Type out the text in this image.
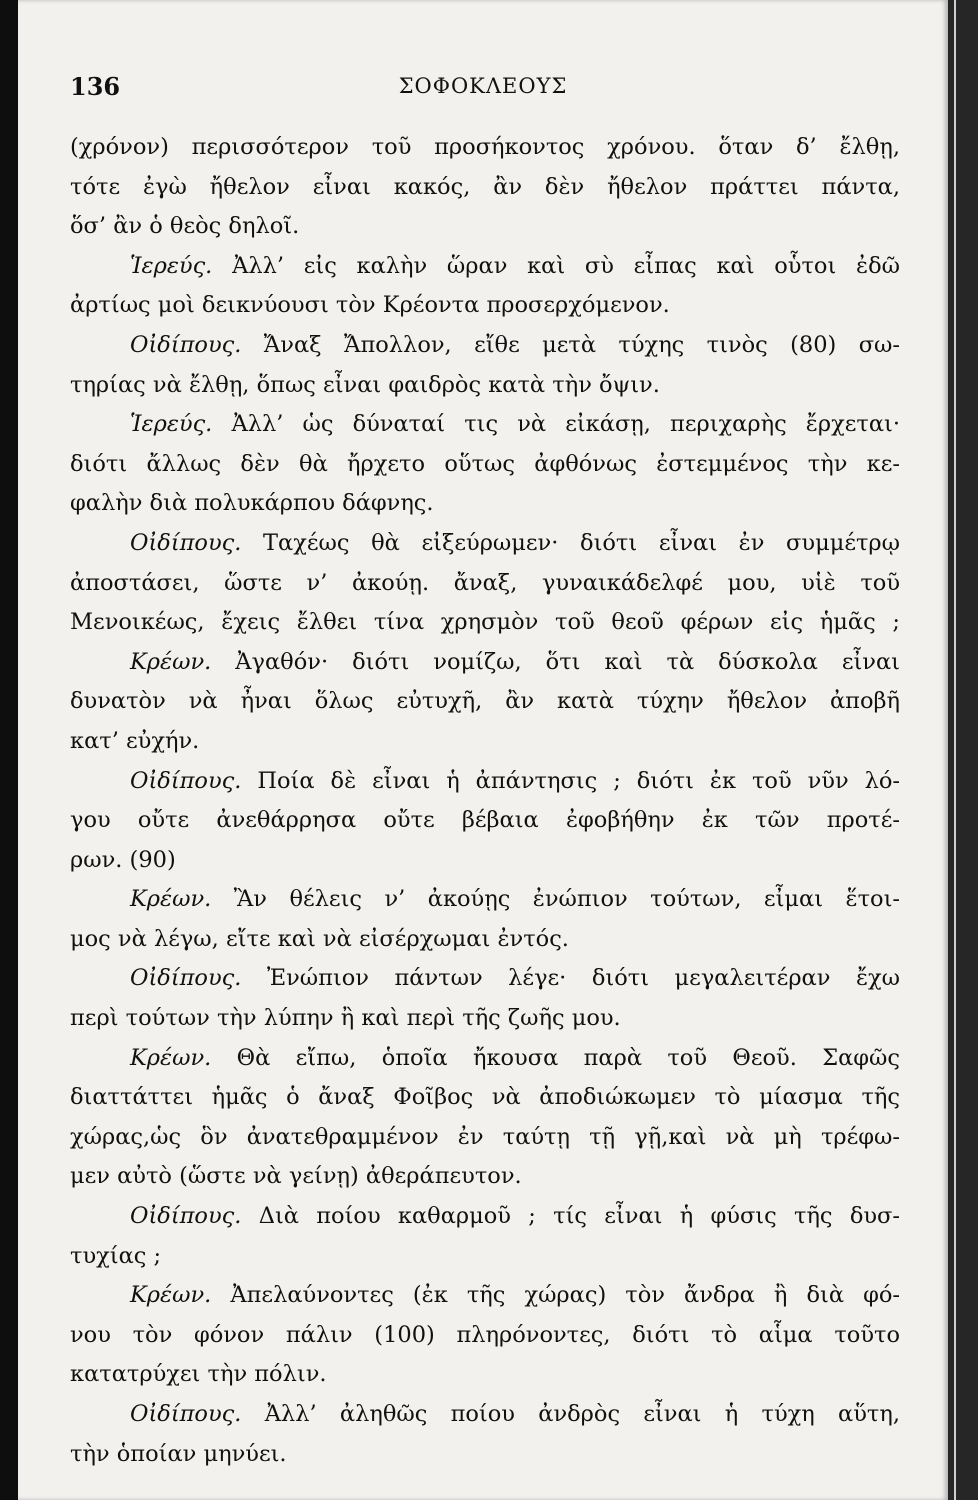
136	ΣΟΦΟΚΛΕΟΥΣ
(χρόνον) περισσότερον τοῦ προσήκοντος χρόνου. ὅταν δ’ ἔλθῃ,
τότε ἐγὼ ἤθελον εἶναι κακός, ἂν δὲν ἤθελον πράττει πάντα,
ὅσ’ ἂν ὁ θεὸς δηλοῖ.
Ἱερεύς. Ἀλλ’ εἰς καλὴν ὥραν καὶ σὺ εἶπας καὶ οὗτοι ἐδῶ
ἀρτίως μοὶ δεικνύουσι τὸν Κρέοντα προσερχόμενον.
Οἰδίπους. Ἄναξ Ἄπολλον, εἴθε μετὰ τύχης τινὸς (80) σω-
τηρίας νὰ ἔλθῃ, ὅπως εἶναι φαιδρὸς κατὰ τὴν ὄψιν.
Ἱερεύς. Ἀλλ’ ὡς δύναταί τις νὰ εἰκάσῃ, περιχαρὴς ἔρχεται·
διότι ἄλλως δὲν θὰ ἤρχετο οὕτως ἀφθόνως ἐστεμμένος τὴν κε-
φαλὴν διὰ πολυκάρπου δάφνης.
Οἰδίπους. Ταχέως θὰ εἰξεύρωμεν· διότι εἶναι ἐν συμμέτρῳ
ἀποστάσει, ὥστε ν’ ἀκούῃ. ἄναξ, γυναικάδελφέ μου, υἱὲ τοῦ
Μενοικέως, ἔχεις ἔλθει τίνα χρησμὸν τοῦ θεοῦ φέρων εἰς ἡμᾶς ;
Κρέων. Ἀγαθόν· διότι νομίζω, ὅτι καὶ τὰ δύσκολα εἶναι
δυνατὸν νὰ ἦναι ὅλως εὐτυχῆ, ἂν κατὰ τύχην ἤθελον ἀποβῆ
κατ’ εὐχήν.
Οἰδίπους. Ποία δὲ εἶναι ἡ ἀπάντησις ; διότι ἐκ τοῦ νῦν λό-
γου οὔτε ἀνεθάρρησα οὔτε βέβαια ἐφοβήθην ἐκ τῶν προτέ-
ρων. (90)
Κρέων. Ἂν θέλεις ν’ ἀκούῃς ἐνώπιον τούτων, εἶμαι ἕτοι-
μος νὰ λέγω, εἴτε καὶ νὰ εἰσέρχωμαι ἐντός.
Οἰδίπους. Ἐνώπιον πάντων λέγε· διότι μεγαλειτέραν ἔχω
περὶ τούτων τὴν λύπην ἢ καὶ περὶ τῆς ζωῆς μου.
Κρέων. Θὰ εἴπω, ὁποῖα ἤκουσα παρὰ τοῦ Θεοῦ. Σαφῶς
διαττάττει ἡμᾶς ὁ ἄναξ Φοῖβος νὰ ἀποδιώκωμεν τὸ μίασμα τῆς
χώρας,ὡς ὃν ἀνατεθραμμένον ἐν ταύτῃ τῇ γῇ,καὶ νὰ μὴ τρέφω-
μεν αὐτὸ (ὥστε νὰ γείνῃ) ἀθεράπευτον.
Οἰδίπους. Διὰ ποίου καθαρμοῦ ; τίς εἶναι ἡ φύσις τῆς δυσ-
τυχίας ;
Κρέων. Ἀπελαύνοντες (ἐκ τῆς χώρας) τὸν ἄνδρα ἢ διὰ φό-
νου τὸν φόνον πάλιν (100) πληρόνοντες, διότι τὸ αἷμα τοῦτο
κατατρύχει τὴν πόλιν.
Οἰδίπους. Ἀλλ’ ἀληθῶς ποίου ἀνδρὸς εἶναι ἡ τύχη αὕτη,
τὴν ὁποίαν μηνύει.
